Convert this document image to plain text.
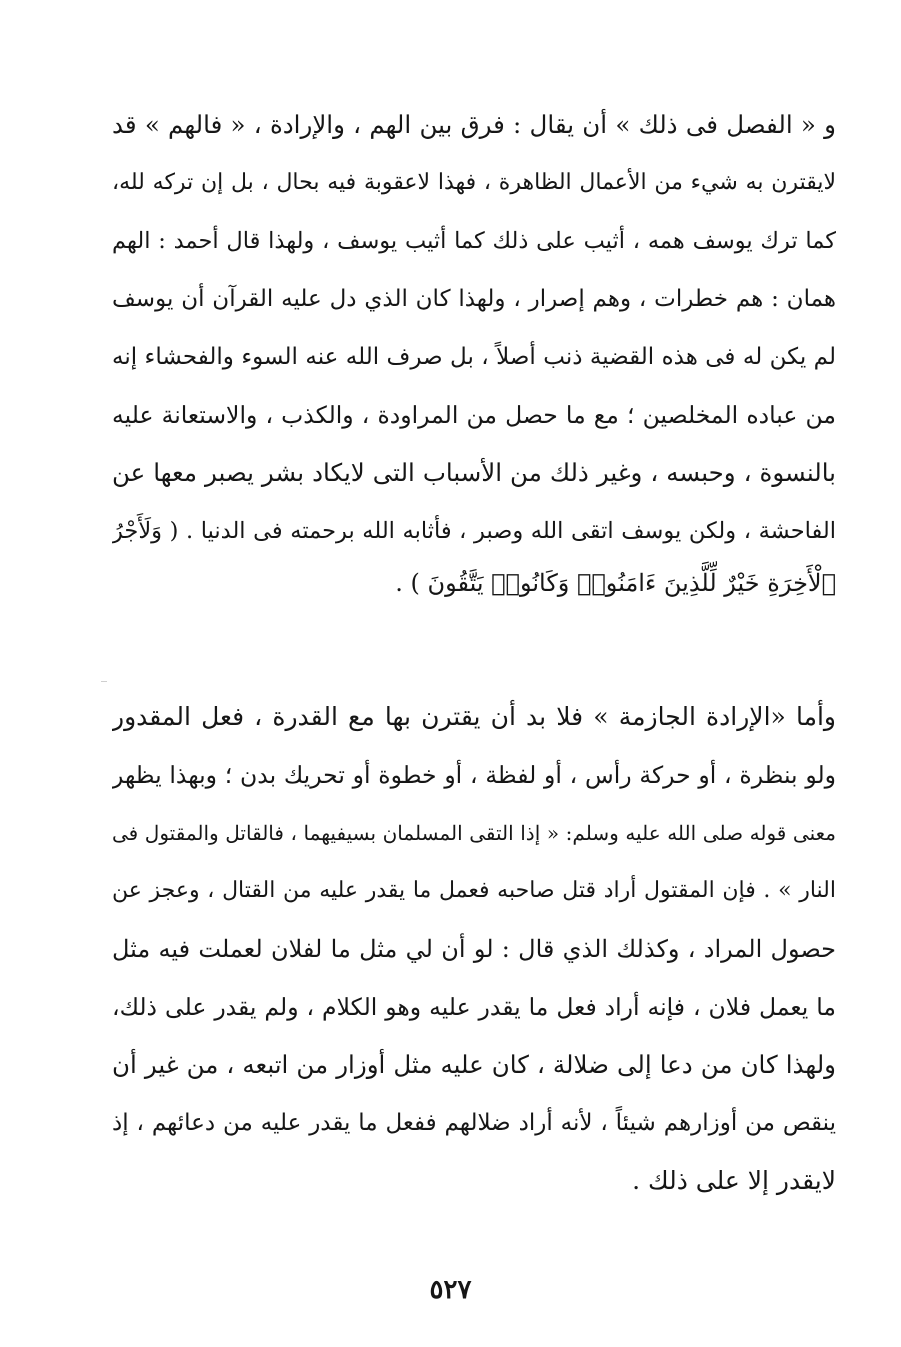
و « الفصل فى ذلك » أن يقال : فرق بين الهم ، والإرادة ، « فالهم » قد
لايقترن به شيء من الأعمال الظاهرة ، فهذا لاعقوبة فيه بحال ، بل إن تركه لله،
كما ترك يوسف همه ، أثيب على ذلك كما أثيب يوسف ، ولهذا قال أحمد : الهم
همان : هم خطرات ، وهم إصرار ، ولهذا كان الذي دل عليه القرآن أن يوسف
لم يكن له فى هذه القضية ذنب أصلاً ، بل صرف الله عنه السوء والفحشاء إنه
من عباده المخلصين ؛ مع ما حصل من المراودة ، والكذب ، والاستعانة عليه
بالنسوة ، وحبسه ، وغير ذلك من الأسباب التى لايكاد بشر يصبر معها عن
الفاحشة ، ولكن يوسف اتقى الله وصبر ، فأثابه الله برحمته فى الدنيا . ( وَلَأَجْرُ
ٱلْأَخِرَةِ خَيْرٌ لِّلَّذِينَ ءَامَنُوا۟ وَكَانُوا۟ يَتَّقُونَ ) .
وأما «الإرادة الجازمة » فلا بد أن يقترن بها مع القدرة ، فعل المقدور
ولو بنظرة ، أو حركة رأس ، أو لفظة ، أو خطوة أو تحريك بدن ؛ وبهذا يظهر
معنى قوله صلى الله عليه وسلم: « إذا التقى المسلمان بسيفيهما ، فالقاتل والمقتول فى
النار » . فإن المقتول أراد قتل صاحبه فعمل ما يقدر عليه من القتال ، وعجز عن
حصول المراد ، وكذلك الذي قال : لو أن لي مثل ما لفلان لعملت فيه مثل
ما يعمل فلان ، فإنه أراد فعل ما يقدر عليه وهو الكلام ، ولم يقدر على ذلك،
ولهذا كان من دعا إلى ضلالة ، كان عليه مثل أوزار من اتبعه ، من غير أن
ينقص من أوزارهم شيئاً ، لأنه أراد ضلالهم ففعل ما يقدر عليه من دعائهم ، إذ
لايقدر إلا على ذلك .
٥٢٧
